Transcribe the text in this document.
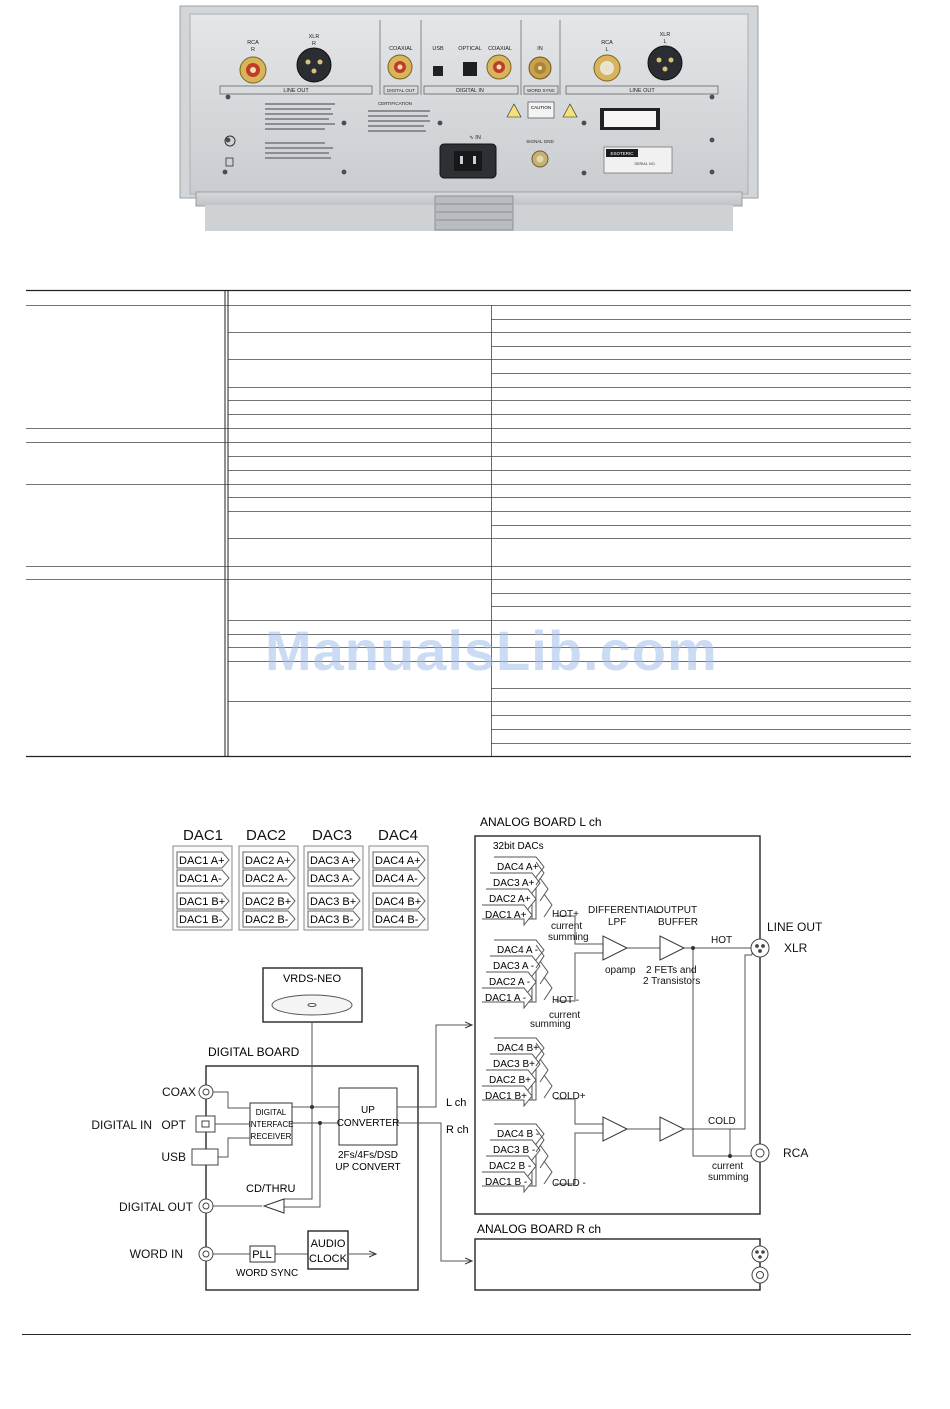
RCA
R
XLR
R
LINE OUT
COAXIAL
DIGITAL OUT
USB	OPTICAL COAXIAL
DIGITAL IN
IN
WORD SYNC
RCA
L
XLR
L
LINE OUT
∿ IN
SIGNAL GND
CERTIFICATION
CAUTION
ESOTERIC
SERIAL NO.
ManualsLib.com
DAC1 DAC2 DAC3 DAC4
DAC1 A+
DAC1 A-
DAC1 B+
DAC1 B-
DAC2 A+
DAC2 A-
DAC2 B+
DAC2 B-
DAC3 A+
DAC3 A-
DAC3 B+
DAC3 B-
DAC4 A+
DAC4 A-
DAC4 B+
DAC4 B-
VRDS-NEO
DIGITAL BOARD
COAX
DIGITAL IN OPT
USB
DIGITAL OUT
WORD IN
DIGITAL
INTERFACE
RECEIVER
UP
CONVERTER
2Fs/4Fs/DSD
UP CONVERT
CD/THRU
PLL
WORD SYNC
AUDIO
CLOCK
L ch
R ch
ANALOG BOARD L ch
32bit DACs
DAC4 A+
DAC3 A+
DAC2 A+
DAC1 A+
DAC4 A -
DAC3 A -
DAC2 A -
DAC1 A -
DAC4 B+
DAC3 B+
DAC2 B+
DAC1 B+
DAC4 B -
DAC3 B -
DAC2 B -
DAC1 B -
HOT+
HOT -
COLD+
COLD -
current
summing
current
summing
DIFFERENTIAL
LPF
OUTPUT
BUFFER
opamp 2 FETs and
2 Transistors
HOT
COLD
current
summing
LINE OUT
XLR
RCA
ANALOG BOARD R ch
